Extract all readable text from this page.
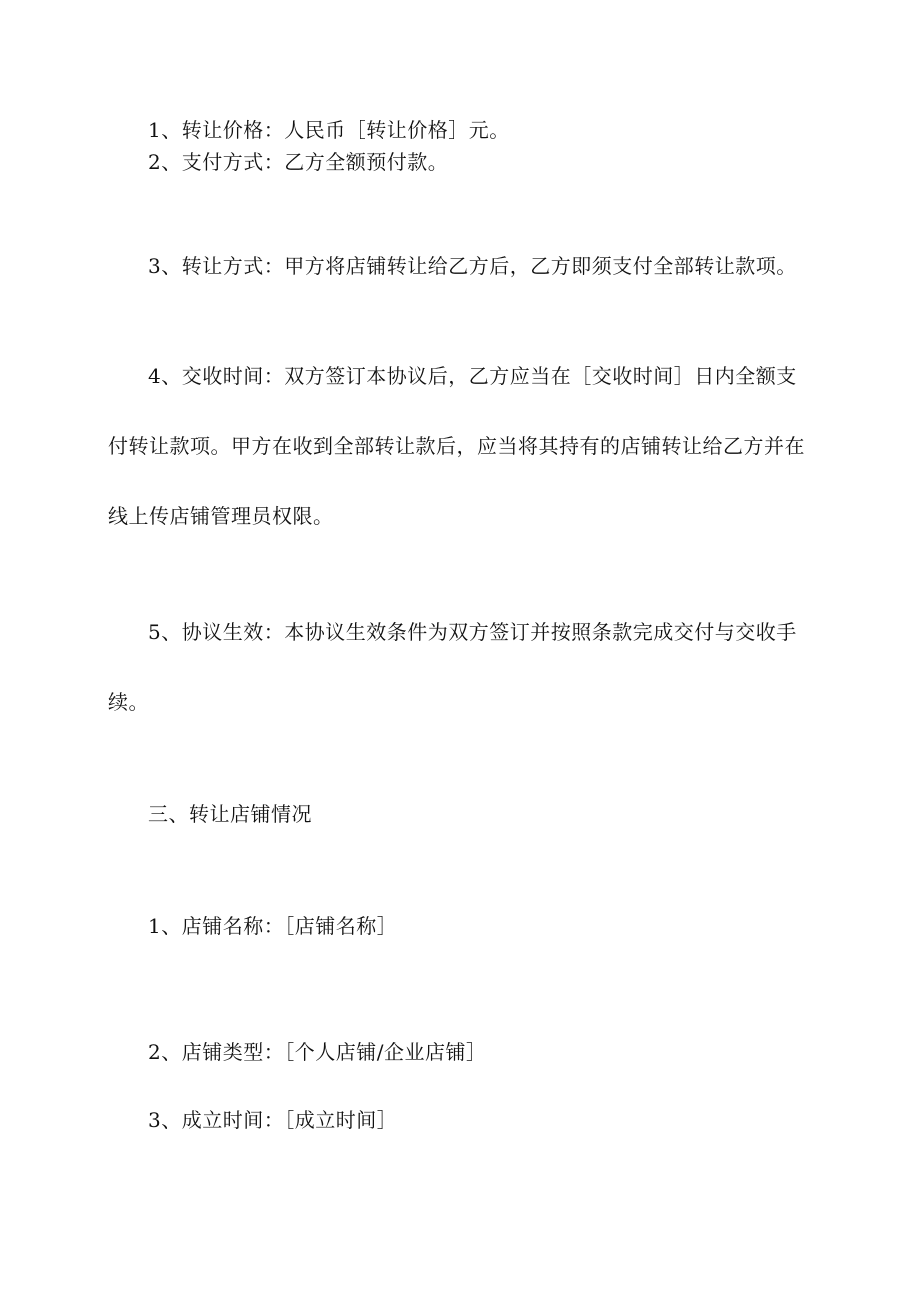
1、转让价格：人民币［转让价格］元。

2、支付方式：乙方全额预付款。

3、转让方式：甲方将店铺转让给乙方后，乙方即须支付全部转让款项。

4、交收时间：双方签订本协议后，乙方应当在［交收时间］日内全额支

付转让款项。甲方在收到全部转让款后，应当将其持有的店铺转让给乙方并在

线上传店铺管理员权限。

5、协议生效：本协议生效条件为双方签订并按照条款完成交付与交收手

续。

三、转让店铺情况

1、店铺名称：［店铺名称］

2、店铺类型：［个人店铺/企业店铺］

3、成立时间：［成立时间］
